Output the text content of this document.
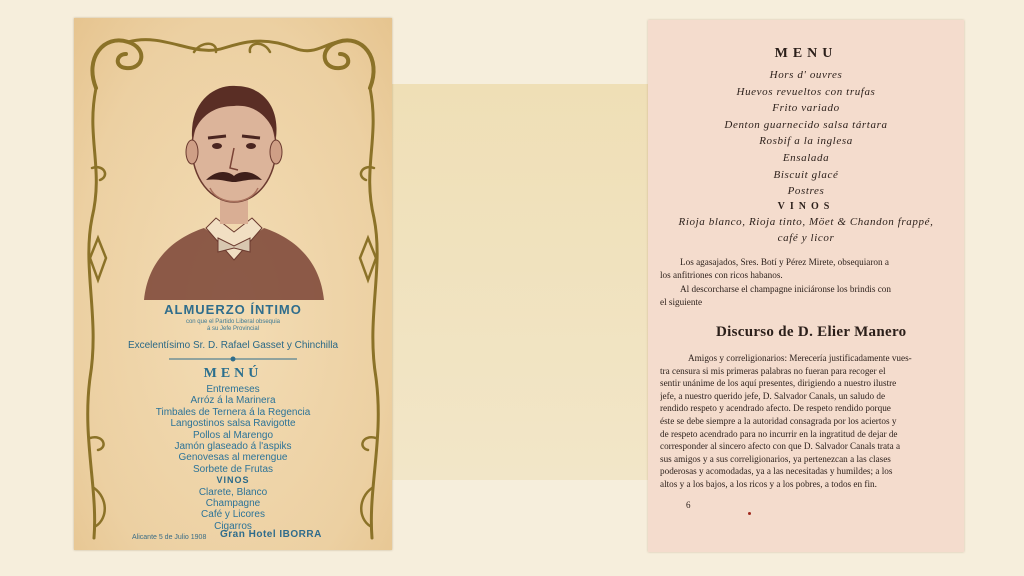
ALMUERZO ÍNTIMO
con que el Partido Liberal obsequia
á su Jefe Provincial
Excelentísimo Sr. D. Rafael Gasset y Chinchilla
MENÚ
Entremeses
Arróz á la Marinera
Timbales de Ternera á la Regencia
Langostinos salsa Ravigotte
Pollos al Marengo
Jamón glaseado á l'aspiks
Genovesas al merengue
Sorbete de Frutas
VINOS
Clarete, Blanco
Champagne
Café y Licores
Cigarros
Alicante 5 de Julio 1908 Gran Hotel IBORRA
MENU
Hors d' ouvres
Huevos revueltos con trufas
Frito variado
Denton guarnecido salsa tártara
Rosbif a la inglesa
Ensalada
Biscuit glacé
Postres
VINOS
Rioja blanco, Rioja tinto, Möet & Chandon frappé,
café y licor
Los agasajados, Sres. Botí y Pérez Mirete, obsequiaron a
los anfitriones con ricos habanos.
Al descorcharse el champagne iniciáronse los brindis con
el siguiente
Discurso de D. Elier Manero
Amigos y correligionarios: Merecería justificadamente vues-
tra censura si mis primeras palabras no fueran para recoger el
sentir unánime de los aquí presentes, dirigiendo a nuestro ilustre
jefe, a nuestro querido jefe, D. Salvador Canals, un saludo de
rendido respeto y acendrado afecto. De respeto rendido porque
éste se debe siempre a la autoridad consagrada por los aciertos y
de respeto acendrado para no incurrir en la ingratitud de dejar de
corresponder al sincero afecto con que D. Salvador Canals trata a
sus amigos y a sus correligionarios, ya pertenezcan a las clases
poderosas y acomodadas, ya a las necesitadas y humildes; a los
altos y a los bajos, a los ricos y a los pobres, a todos en fin.
6
